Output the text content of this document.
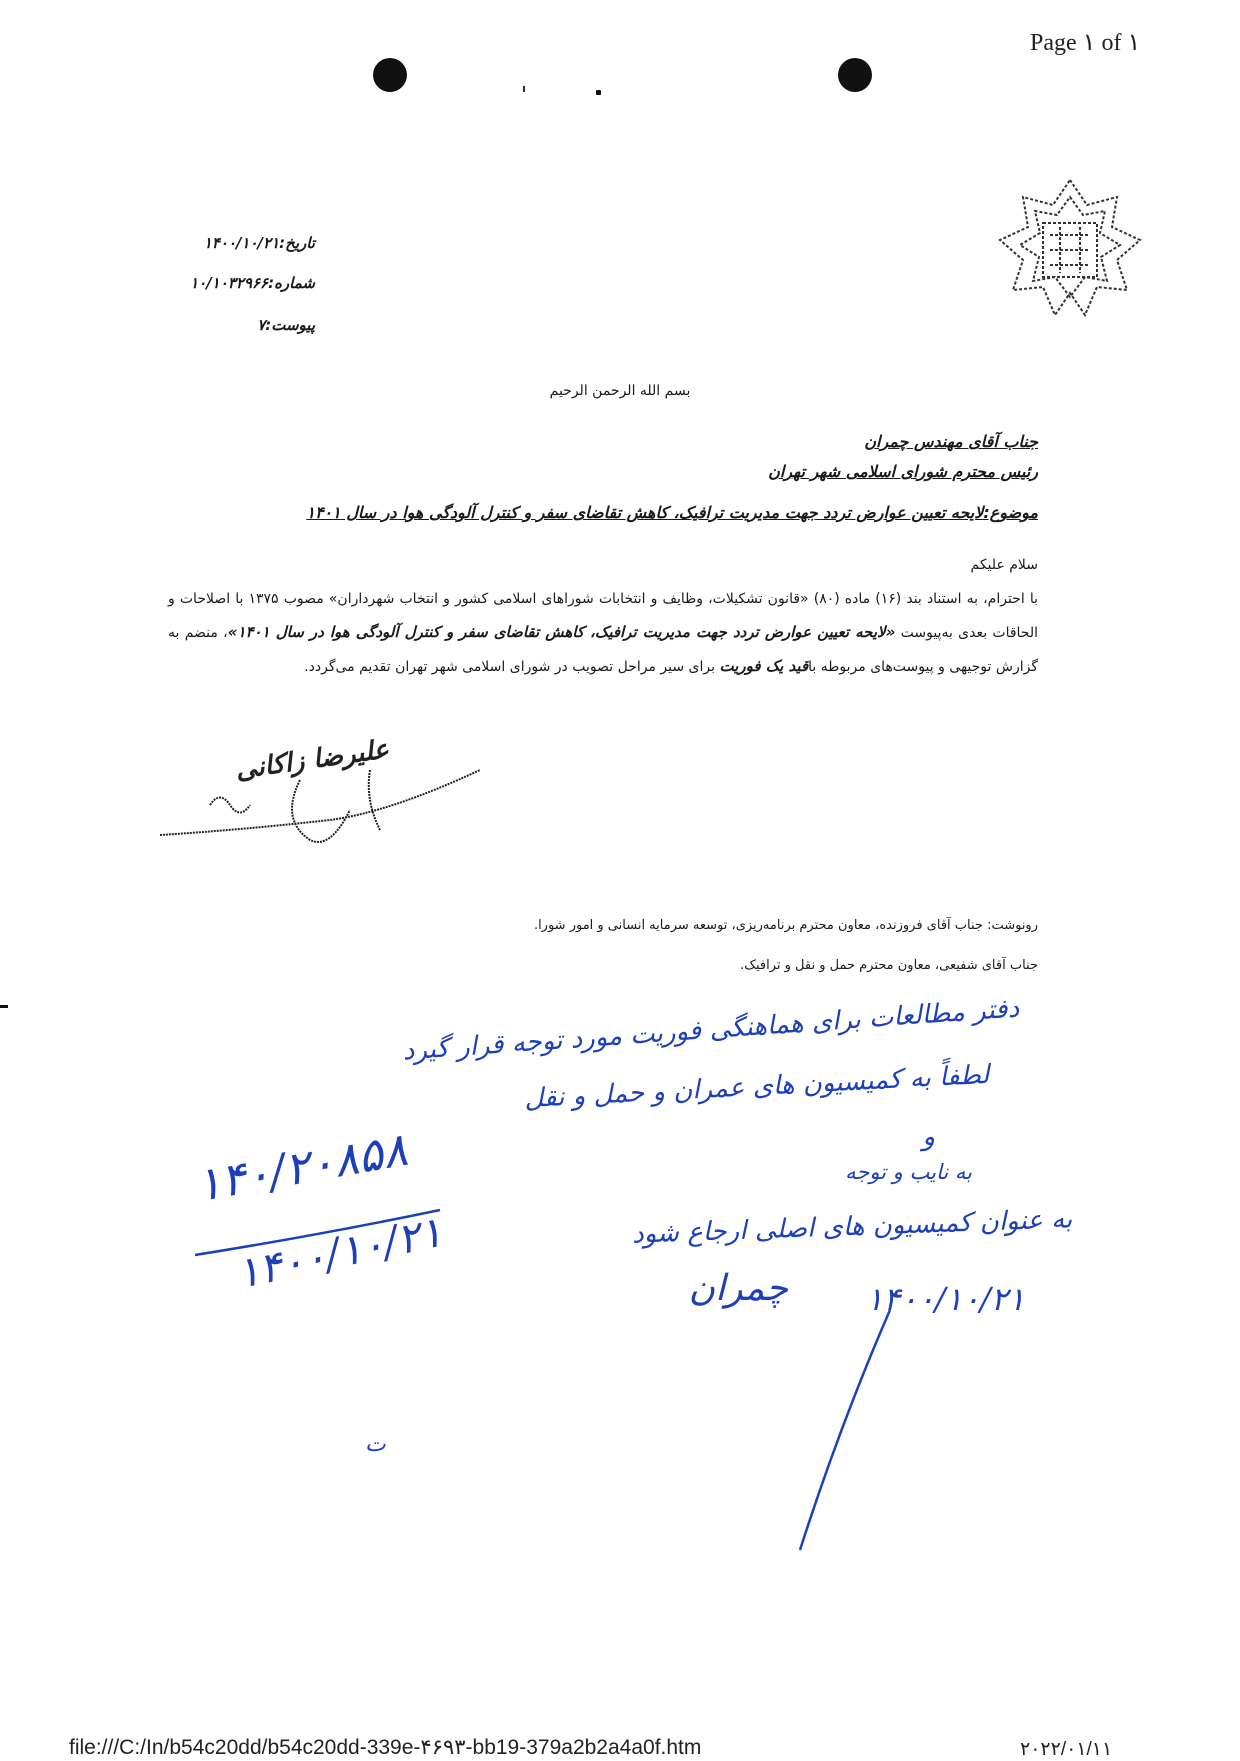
Page ۱ of ۱
تاریخ:۱۴۰۰/۱۰/۲۱
شماره:۱۰/۱۰۳۲۹۶۶
پیوست:۷
بسم الله الرحمن الرحیم
جناب آقای مهندس چمران
رئیس محترم شورای اسلامی شهر تهران
موضوع:لایحه تعیین عوارض تردد جهت مدیریت ترافیک، کاهش تقاضای سفر و کنترل آلودگی هوا در سال ۱۴۰۱
سلام علیکم
با احترام، به استناد بند (۱۶) ماده (۸۰) «قانون تشکیلات، وظایف و انتخابات شوراهای اسلامی کشور و انتخاب شهرداران» مصوب ۱۳۷۵ با اصلاحات و الحاقات بعدی به‌پیوست «لایحه تعیین عوارض تردد جهت مدیریت ترافیک، کاهش تقاضای سفر و کنترل آلودگی هوا در سال ۱۴۰۱»، منضم به گزارش توجیهی و پیوست‌های مربوطه باقید یک فوریت برای سیر مراحل تصویب در شورای اسلامی شهر تهران تقدیم می‌گردد.
علیرضا زاکانی
رونوشت: جناب آقای فروزنده، معاون محترم برنامه‌ریزی، توسعه سرمایه انسانی و امور شورا.
جناب آقای شفیعی، معاون محترم حمل و نقل و ترافیک.
۱۴۰/۲۰۸۵۸
۱۴۰۰/۱۰/۲۱
دفتر مطالعات برای هماهنگی فوریت مورد توجه قرار گیرد
لطفاً به کمیسیون های عمران و حمل و نقل
و
به نایب و توجه
به عنوان کمیسیون های اصلی ارجاع شود
چمران ۱۴۰۰/۱۰/۲۱
ت
file:///C:/In/b54c20dd/b54c20dd-339e-۴۶۹۳-bb19-379a2b2a4a0f.htm	۲۰۲۲/۰۱/۱۱
